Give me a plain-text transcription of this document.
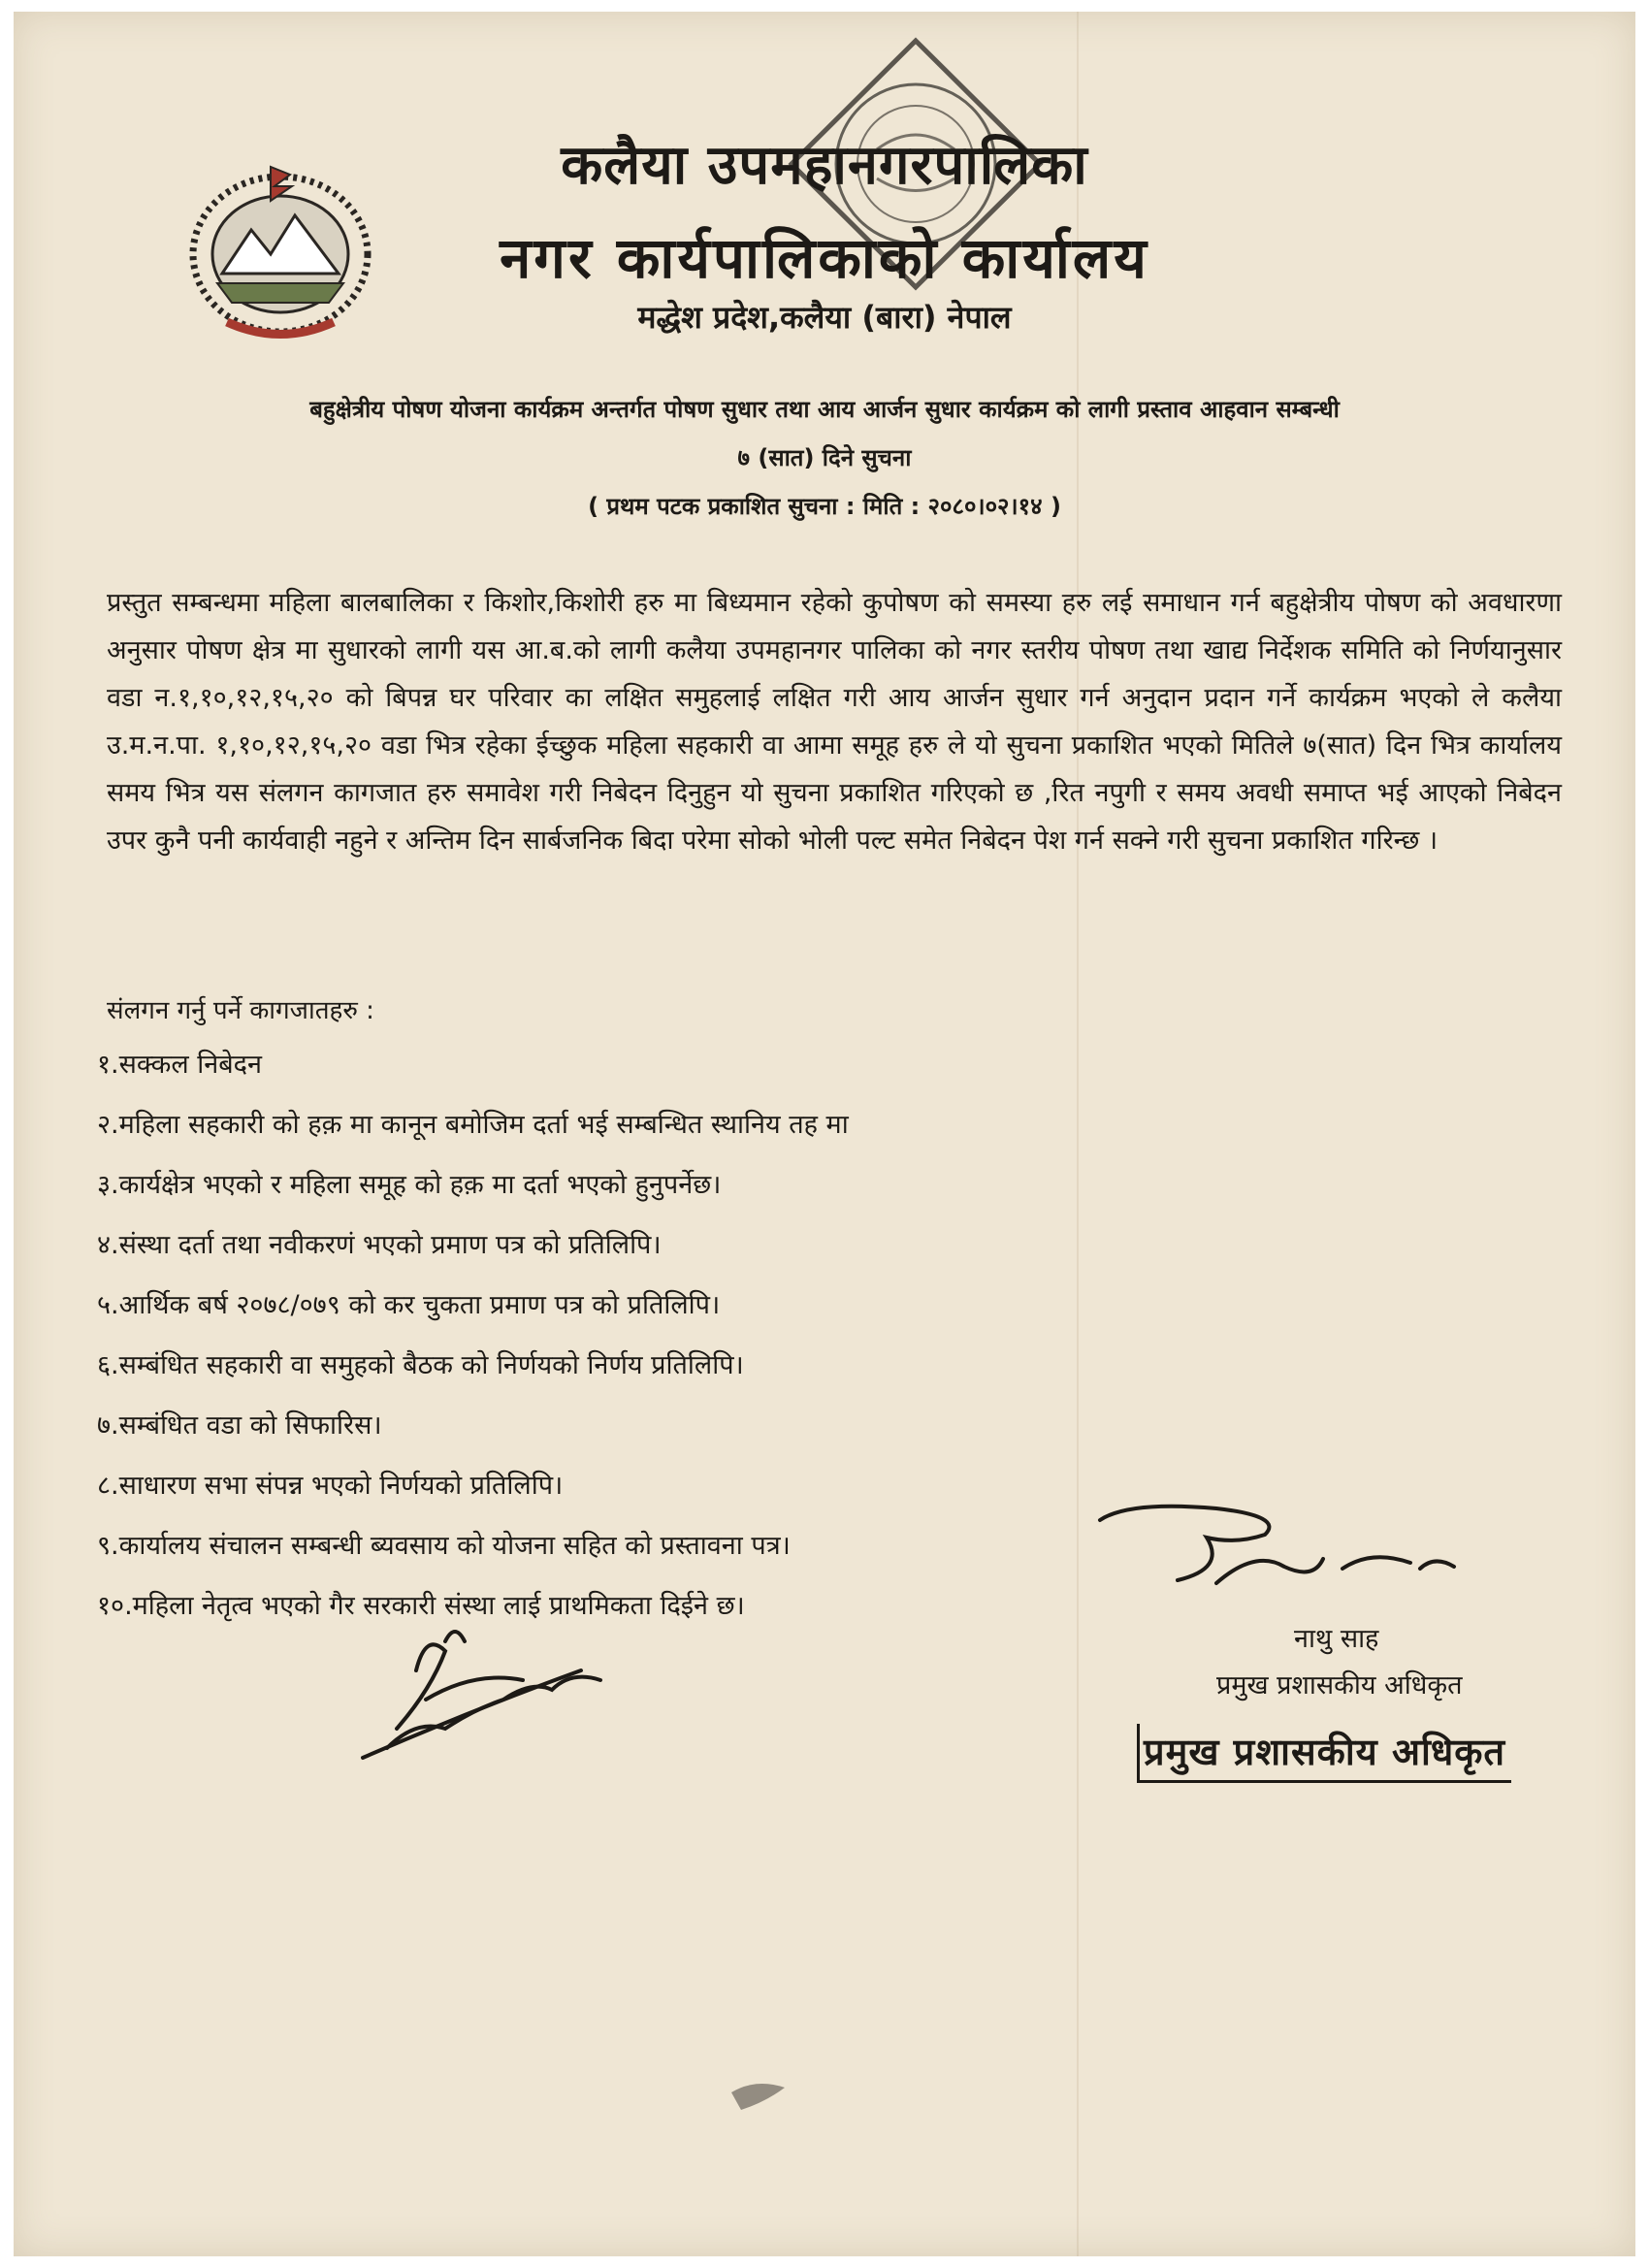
कलैया उपमहानगरपालिका
नगर कार्यपालिकाको कार्यालय
मद्धेश प्रदेश,कलैया (बारा) नेपाल
बहुक्षेत्रीय पोषण योजना कार्यक्रम अन्तर्गत पोषण सुधार तथा आय आर्जन सुधार कार्यक्रम को लागी प्रस्ताव आहवान सम्बन्धी
७ (सात) दिने सुचना
( प्रथम पटक प्रकाशित सुचना : मिति : २०८०।०२।१४ )
प्रस्तुत सम्बन्धमा महिला बालबालिका र किशोर,किशोरी हरु मा बिध्यमान रहेको कुपोषण को समस्या हरु लई समाधान गर्न बहुक्षेत्रीय पोषण को अवधारणा अनुसार पोषण क्षेत्र मा सुधारको लागी यस आ.ब.को लागी कलैया उपमहानगर पालिका को नगर स्तरीय पोषण तथा खाद्य निर्देशक समिति को निर्णयानुसार वडा न.१,१०,१२,१५,२० को बिपन्न घर परिवार का लक्षित समुहलाई लक्षित गरी आय आर्जन सुधार गर्न अनुदान प्रदान गर्ने कार्यक्रम भएको ले कलैया उ.म.न.पा. १,१०,१२,१५,२० वडा भित्र रहेका ईच्छुक महिला सहकारी वा आमा समूह हरु ले यो सुचना प्रकाशित भएको मितिले ७(सात) दिन भित्र कार्यालय समय भित्र यस संलगन कागजात हरु समावेश गरी निबेदन दिनुहुन यो सुचना प्रकाशित गरिएको छ ,रित नपुगी र समय अवधी समाप्त भई आएको निबेदन उपर कुनै पनी कार्यवाही नहुने र अन्तिम दिन सार्बजनिक बिदा परेमा सोको भोली पल्ट समेत निबेदन पेश गर्न सक्ने गरी सुचना प्रकाशित गरिन्छ ।
संलगन गर्नु पर्ने कागजातहरु :
१.सक्कल निबेदन
२.महिला सहकारी को हक़ मा कानून बमोजिम दर्ता भई सम्बन्धित स्थानिय तह मा
३.कार्यक्षेत्र भएको र महिला समूह को हक़ मा दर्ता भएको हुनुपर्नेछ।
४.संस्था दर्ता तथा नवीकरणं भएको प्रमाण पत्र को प्रतिलिपि।
५.आर्थिक बर्ष २०७८/०७९ को कर चुकता प्रमाण पत्र को प्रतिलिपि।
६.सम्बंधित सहकारी वा समुहको बैठक को निर्णयको निर्णय प्रतिलिपि।
७.सम्बंधित वडा को सिफारिस।
८.साधारण सभा संपन्न भएको निर्णयको प्रतिलिपि।
९.कार्यालय संचालन सम्बन्धी ब्यवसाय को योजना सहित को प्रस्तावना पत्र।
१०.महिला नेतृत्व भएको गैर सरकारी संस्था लाई प्राथमिकता दिईने छ।
नाथु साह
प्रमुख प्रशासकीय अधिकृत
प्रमुख प्रशासकीय अधिकृत
